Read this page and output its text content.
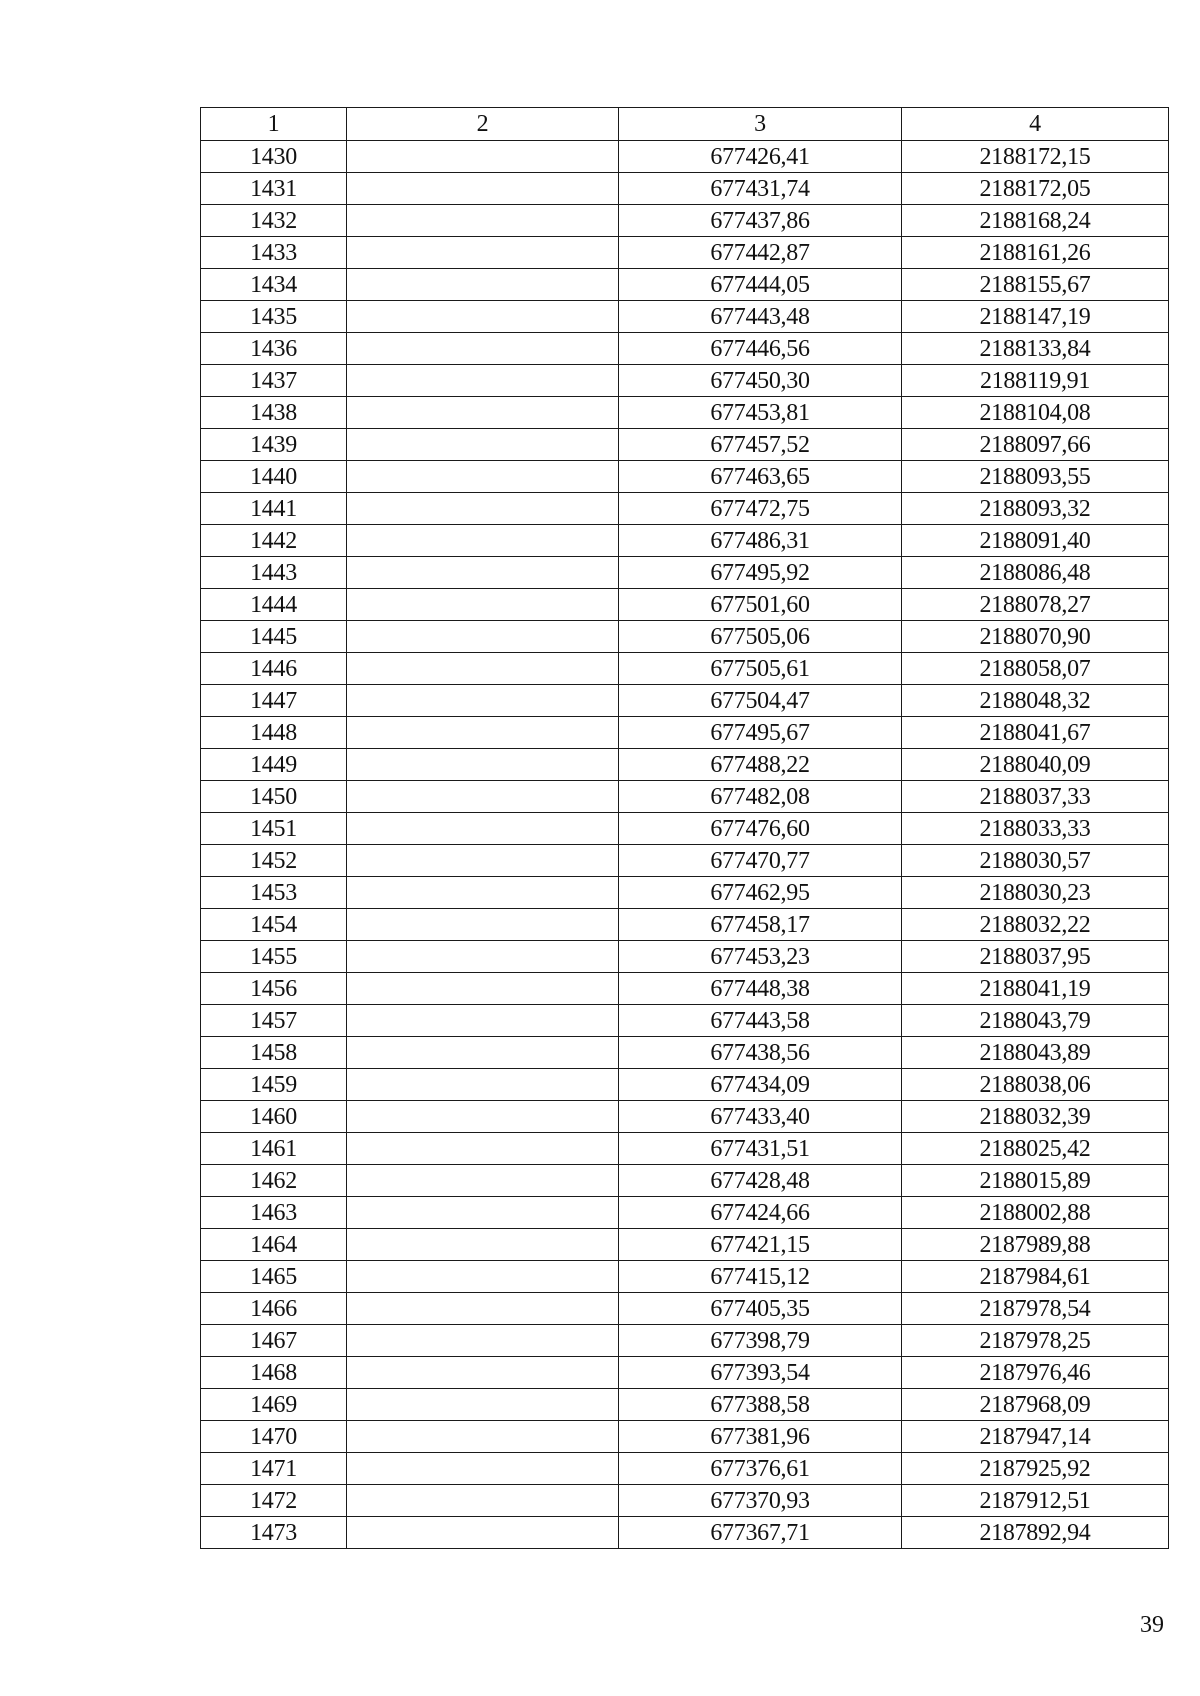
1	2	3	4
1430		677426,41	2188172,15
1431		677431,74	2188172,05
1432		677437,86	2188168,24
1433		677442,87	2188161,26
1434		677444,05	2188155,67
1435		677443,48	2188147,19
1436		677446,56	2188133,84
1437		677450,30	2188119,91
1438		677453,81	2188104,08
1439		677457,52	2188097,66
1440		677463,65	2188093,55
1441		677472,75	2188093,32
1442		677486,31	2188091,40
1443		677495,92	2188086,48
1444		677501,60	2188078,27
1445		677505,06	2188070,90
1446		677505,61	2188058,07
1447		677504,47	2188048,32
1448		677495,67	2188041,67
1449		677488,22	2188040,09
1450		677482,08	2188037,33
1451		677476,60	2188033,33
1452		677470,77	2188030,57
1453		677462,95	2188030,23
1454		677458,17	2188032,22
1455		677453,23	2188037,95
1456		677448,38	2188041,19
1457		677443,58	2188043,79
1458		677438,56	2188043,89
1459		677434,09	2188038,06
1460		677433,40	2188032,39
1461		677431,51	2188025,42
1462		677428,48	2188015,89
1463		677424,66	2188002,88
1464		677421,15	2187989,88
1465		677415,12	2187984,61
1466		677405,35	2187978,54
1467		677398,79	2187978,25
1468		677393,54	2187976,46
1469		677388,58	2187968,09
1470		677381,96	2187947,14
1471		677376,61	2187925,92
1472		677370,93	2187912,51
1473		677367,71	2187892,94
39
